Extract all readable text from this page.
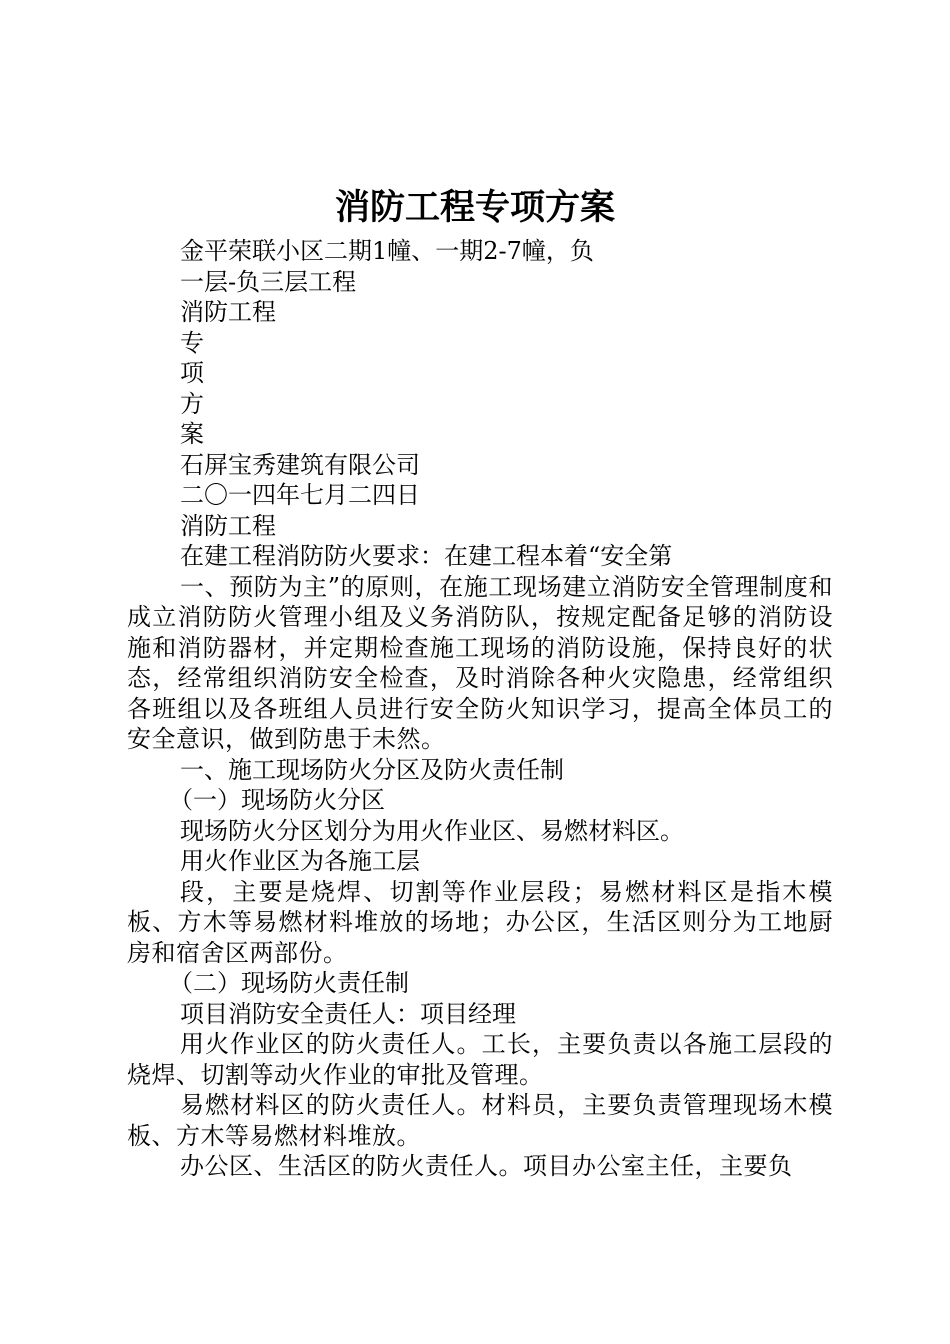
消防工程专项方案
金平荣联小区二期1幢、一期2-7幢，负
一层-负三层工程
消防工程
专
项
方
案
石屏宝秀建筑有限公司
二〇一四年七月二四日
消防工程
在建工程消防防火要求：在建工程本着“安全第
一、预防为主”的原则，在施工现场建立消防安全管理制度和成立消防防火管理小组及义务消防队，按规定配备足够的消防设施和消防器材，并定期检查施工现场的消防设施，保持良好的状态，经常组织消防安全检查，及时消除各种火灾隐患，经常组织各班组以及各班组人员进行安全防火知识学习，提高全体员工的安全意识，做到防患于未然。
一、施工现场防火分区及防火责任制
（一）现场防火分区
现场防火分区划分为用火作业区、易燃材料区。
用火作业区为各施工层
段，主要是烧焊、切割等作业层段；易燃材料区是指木模板、方木等易燃材料堆放的场地；办公区，生活区则分为工地厨房和宿舍区两部份。
（二）现场防火责任制
项目消防安全责任人：项目经理
用火作业区的防火责任人。工长，主要负责以各施工层段的烧焊、切割等动火作业的审批及管理。
易燃材料区的防火责任人。材料员，主要负责管理现场木模板、方木等易燃材料堆放。
办公区、生活区的防火责任人。项目办公室主任，主要负
